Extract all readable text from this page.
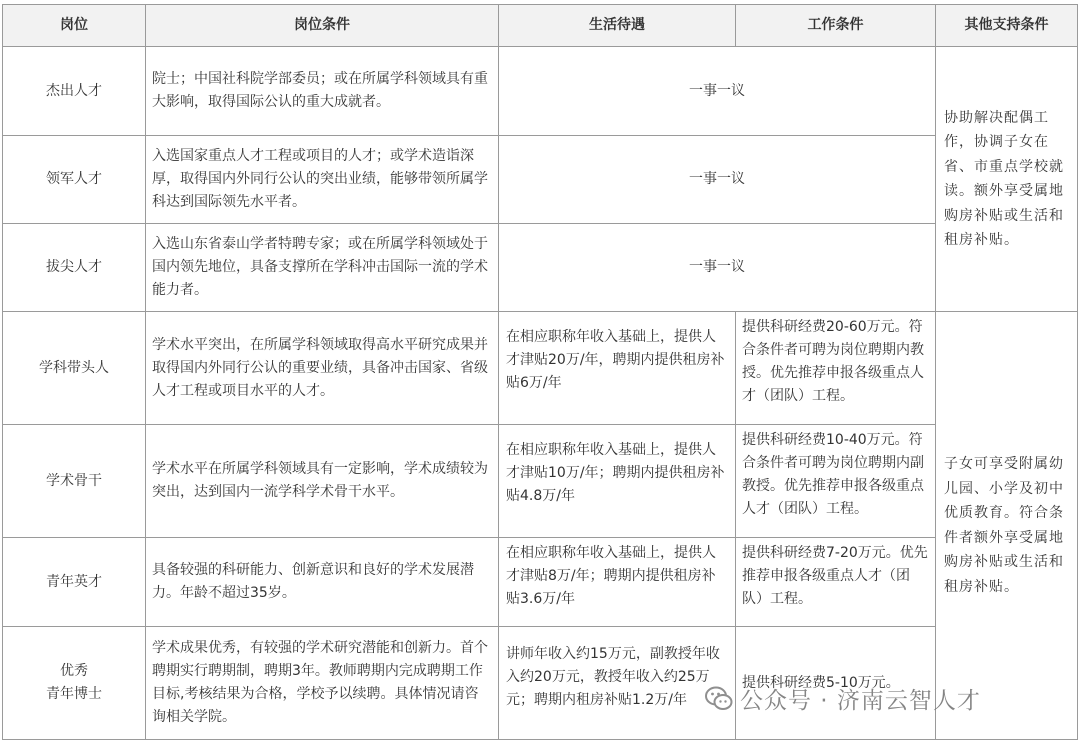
岗位	岗位条件	生活待遇	工作条件	其他支持条件
杰出人才	院士；中国社科院学部委员；或在所属学科领域具有重大影响，取得国际公认的重大成就者。	一事一议		协助解决配偶工作，协调子女在省、市重点学校就读。额外享受属地购房补贴或生活和租房补贴。
领军人才	入选国家重点人才工程或项目的人才；或学术造诣深厚，取得国内外同行公认的突出业绩，能够带领所属学科达到国际领先水平者。	一事一议		
拔尖人才	入选山东省泰山学者特聘专家；或在所属学科领域处于国内领先地位，具备支撑所在学科冲击国际一流的学术能力者。	一事一议		
学科带头人	学术水平突出，在所属学科领域取得高水平研究成果并取得国内外同行公认的重要业绩，具备冲击国家、省级人才工程或项目水平的人才。	在相应职称年收入基础上，提供人才津贴20万/年，聘期内提供租房补贴6万/年	提供科研经费20-60万元。符合条件者可聘为岗位聘期内教授。优先推荐申报各级重点人才（团队）工程。	子女可享受附属幼儿园、小学及初中优质教育。符合条件者额外享受属地购房补贴或生活和租房补贴。
学术骨干	学术水平在所属学科领域具有一定影响，学术成绩较为突出，达到国内一流学科学术骨干水平。	在相应职称年收入基础上，提供人才津贴10万/年；聘期内提供租房补贴4.8万/年	提供科研经费10-40万元。符合条件者可聘为岗位聘期内副教授。优先推荐申报各级重点人才（团队）工程。	
青年英才	具备较强的科研能力、创新意识和良好的学术发展潜力。年龄不超过35岁。	在相应职称年收入基础上，提供人才津贴8万/年；聘期内提供租房补贴3.6万/年	提供科研经费7-20万元。优先推荐申报各级重点人才（团队）工程。	

优秀
青年博士	学术成果优秀，有较强的学术研究潜能和创新力。首个聘期实行聘期制，聘期3年。教师聘期内完成聘期工作目标,考核结果为合格，学校予以续聘。具体情况请咨询相关学院。	讲师年收入约15万元，副教授年收入约20万元，教授年收入约25万元；聘期内租房补贴1.2万/年	提供科研经费5-10万元。	
公众号 · 济南云智人才
